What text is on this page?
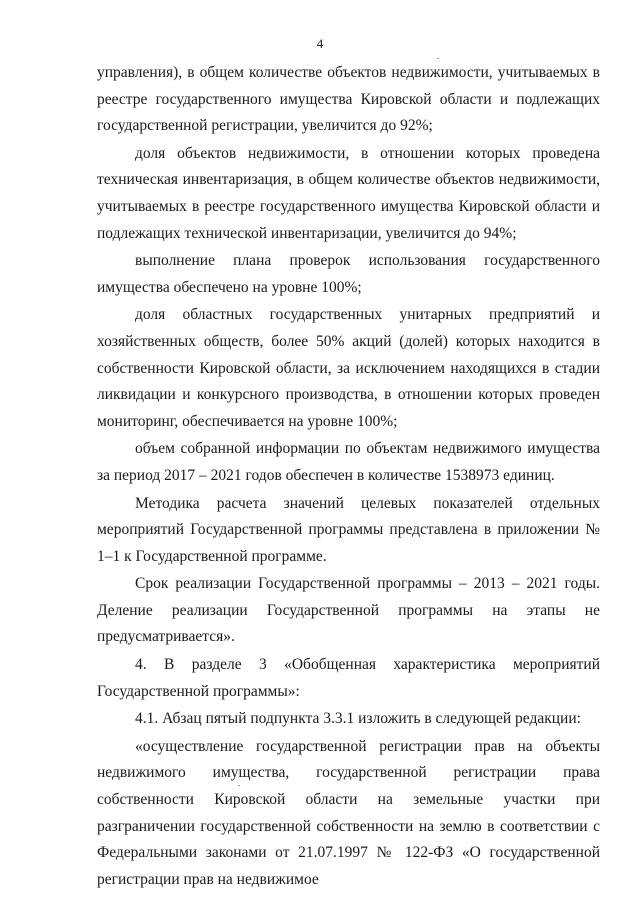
4

управления), в общем количестве объектов недвижимости, учитываемых в реестре государственного имущества Кировской области и подлежащих государственной регистрации, увеличится до 92%;

доля объектов недвижимости, в отношении которых проведена техническая инвентаризация, в общем количестве объектов недвижимости, учитываемых в реестре государственного имущества Кировской области и подлежащих технической инвентаризации, увеличится до 94%;

выполнение плана проверок использования государственного имущества обеспечено на уровне 100%;

доля областных государственных унитарных предприятий и хозяйственных обществ, более 50% акций (долей) которых находится в собственности Кировской области, за исключением находящихся в стадии ликвидации и конкурсного производства, в отношении которых проведен мониторинг, обеспечивается на уровне 100%;

объем собранной информации по объектам недвижимого имущества за период 2017 – 2021 годов обеспечен в количестве 1538973 единиц.

Методика расчета значений целевых показателей отдельных мероприятий Государственной программы представлена в приложении № 1–1 к Государственной программе.

Срок реализации Государственной программы – 2013 – 2021 годы. Деление реализации Государственной программы на этапы не предусматривается».

4. В разделе 3 «Обобщенная характеристика мероприятий Государственной программы»:

4.1. Абзац пятый подпункта 3.3.1 изложить в следующей редакции:

«осуществление государственной регистрации прав на объекты недвижимого имущества, государственной регистрации права собственности Кировской области на земельные участки при разграничении государственной собственности на землю в соответствии с Федеральными законами от 21.07.1997 № 122-ФЗ «О государственной регистрации прав на недвижимое
